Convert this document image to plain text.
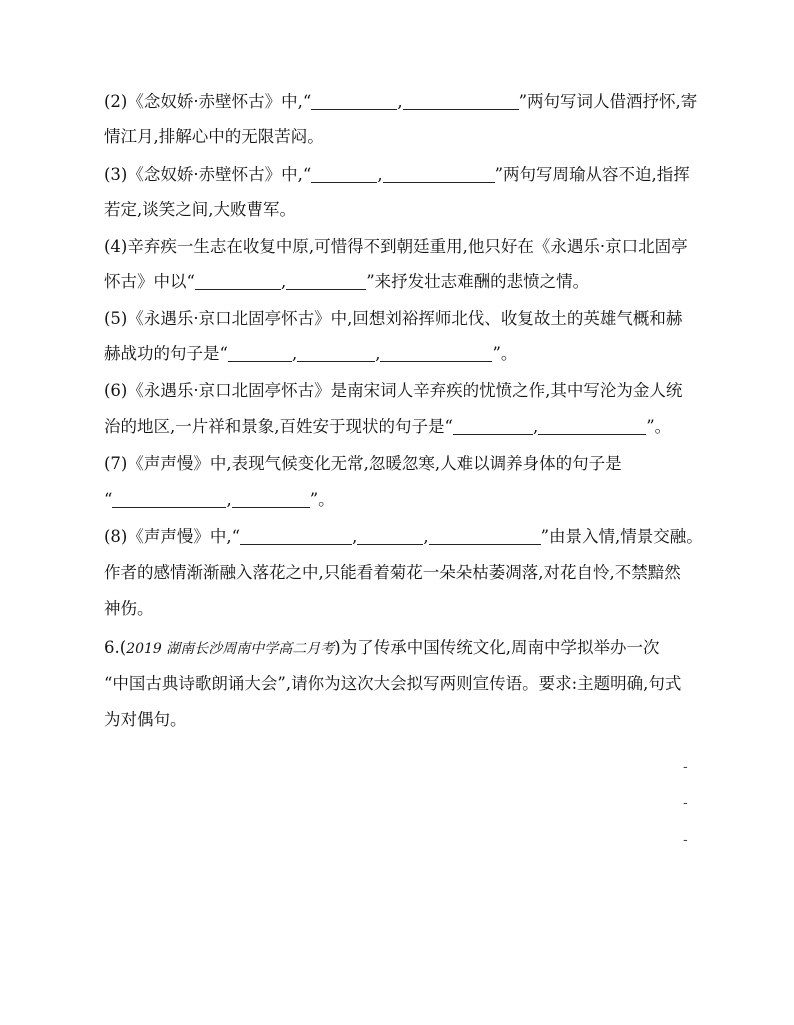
(2)《念奴娇·赤壁怀古》中,“	,	”两句写词人借酒抒怀,寄
情江月,排解心中的无限苦闷。
(3)《念奴娇·赤壁怀古》中,“	,	”两句写周瑜从容不迫,指挥
若定,谈笑之间,大败曹军。
(4)辛弃疾一生志在收复中原,可惜得不到朝廷重用,他只好在《永遇乐·京口北固亭
怀古》中以“	,	”来抒发壮志难酬的悲愤之情。
(5)《永遇乐·京口北固亭怀古》中,回想刘裕挥师北伐、收复故土的英雄气概和赫
赫战功的句子是“	,	,	”。
(6)《永遇乐·京口北固亭怀古》是南宋词人辛弃疾的忧愤之作,其中写沦为金人统
治的地区,一片祥和景象,百姓安于现状的句子是“	,	”。
(7)《声声慢》中,表现气候变化无常,忽暖忽寒,人难以调养身体的句子是
“	,	”。
(8)《声声慢》中,“	,	,	”由景入情,情景交融。
作者的感情渐渐融入落花之中,只能看着菊花一朵朵枯萎凋落,对花自怜,不禁黯然
神伤。
6.(2019 湖南长沙周南中学高二月考)为了传承中国传统文化,周南中学拟举办一次
“中国古典诗歌朗诵大会”,请你为这次大会拟写两则宣传语。要求:主题明确,句式
为对偶句。
-
-
-
